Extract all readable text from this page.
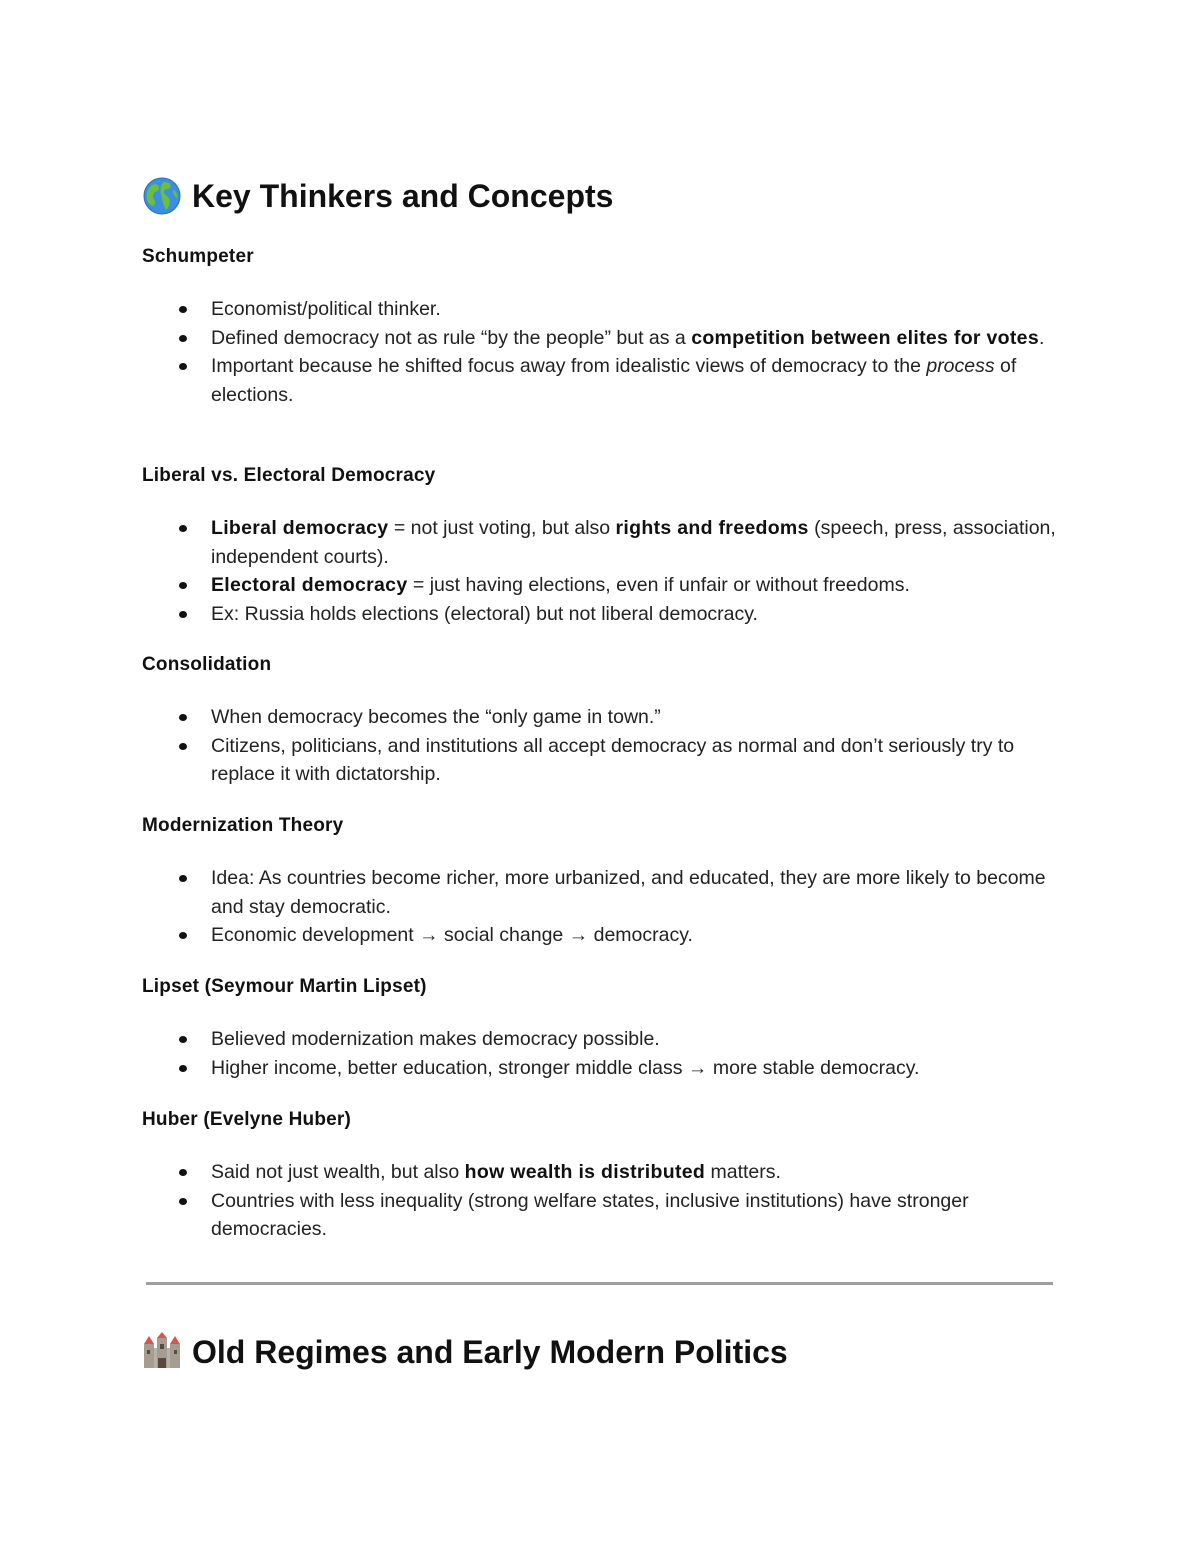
Key Thinkers and Concepts
Schumpeter
Economist/political thinker.
Defined democracy not as rule “by the people” but as a competition between elites for votes.
Important because he shifted focus away from idealistic views of democracy to the process of elections.
Liberal vs. Electoral Democracy
Liberal democracy = not just voting, but also rights and freedoms (speech, press, association, independent courts).
Electoral democracy = just having elections, even if unfair or without freedoms.
Ex: Russia holds elections (electoral) but not liberal democracy.
Consolidation
When democracy becomes the “only game in town.”
Citizens, politicians, and institutions all accept democracy as normal and don’t seriously try to replace it with dictatorship.
Modernization Theory
Idea: As countries become richer, more urbanized, and educated, they are more likely to become and stay democratic.
Economic development → social change → democracy.
Lipset (Seymour Martin Lipset)
Believed modernization makes democracy possible.
Higher income, better education, stronger middle class → more stable democracy.
Huber (Evelyne Huber)
Said not just wealth, but also how wealth is distributed matters.
Countries with less inequality (strong welfare states, inclusive institutions) have stronger democracies.
Old Regimes and Early Modern Politics
